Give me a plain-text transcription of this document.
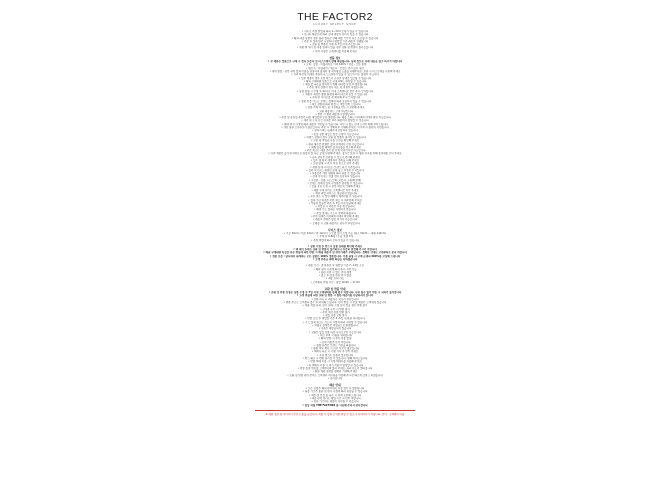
THE FACTOR2
LUXURY SELECT SHOP
• 사이즈 측정 방법에 따라 1~3cm 오차가 있을 수 있습니다
• 모니터 해상도에 따라 실제 색상과 차이가 있을 수 있습니다
• 해외 배송 상품의 경우 통관 절차로 인해 배송 기간이 다소 소요될 수 있습니다
• 주문 후 결제 완료 시점부터 영업일 기준 배송이 진행됩니다
• 교환 및 반품은 수령 후 7일 이내 가능합니다
• 제품 택 제거 및 착용 흔적이 있을 경우 교환 및 반품이 불가능합니다
• 문의 사항은 고객센터를 이용해 주세요
상품 정보
• 본 제품은 정품으로 구매 시 정식 보증서 및 더스트백이 함께 제공됩니다. 상세 정보는 아래 내용을 참고 하시기 바랍니다
• 소재 : 겉감 - 이탈리아산 가죽 100% / 안감 - 코튼 혼방
• 원산지 : 이탈리아 / 제조사 : 브랜드 본사 공식 생산
• 세탁 방법 : 전문 세탁 업체 이용을 권장하며 물세탁 및 직사광선 노출을 피해주세요. 보관 시 더스트백을 사용해 주세요
• 가죽 특성상 미세한 주름이나 스크래치가 있을 수 있으며 이는 불량이 아닙니다
• 일부 제품의 경우 포장 박스가 손상된 상태로 입고될 수 있습니다
• 해외 구매대행 상품으로 국내 A/S는 제한될 수 있습니다
• 배송 중 파손을 방지하기 위해 에어캡 포장 후 발송됩니다
• 주문 제작 상품의 경우 취소 및 변경이 어렵습니다
• 상품 불량 시 수령 후 24시간 이내 고객센터로 연락 주시기 바랍니다
• 제품의 색상은 촬영 환경에 따라 다르게 보일 수 있습니다
• 구매 전 사이즈를 꼭 확인해 주시기 바랍니다
• 정품 인증 카드는 브랜드 정책에 따라 포함되지 않을 수 있습니다
• 재고 상황에 따라 품절 시 개별 연락 드립니다
• 상품 수령 후 박스 및 구성품을 반드시 보관해 주세요
• 교환 배송비는 고객 부담입니다
• 반품 시 왕복 배송비가 발생합니다
• 주말 및 공휴일 주문은 다음 영업일에 순차 발송됩니다. 배송 조회는 마이페이지에서 확인 가능합니다
• 제주 및 도서 산간 지역은 추가 배송비가 발생할 수 있습니다
• 해외 현지 사정에 따라 배송이 지연될 수 있습니다. 지연 시 별도 안내 드리며 양해 부탁드립니다
• 개인 통관 고유부호가 필요합니다. 주문 시 정확하게 기재해 주세요. 미기재 시 통관이 지연됩니다
• 관부가세는 판매가에 포함되어 있습니다
• 동일 상품 재입고 알림 신청이 가능합니다
• 이벤트 상품의 경우 교환 및 반품이 불가할 수 있습니다
• 쿠폰 및 적립금 사용 조건을 확인해 주세요
• 현금 영수증 발행은 결제 단계에서 신청 가능합니다
• 회원 등급별 혜택은 공지사항을 참고해 주세요
• 주문 취소는 배송 준비 중 단계 이전까지만 가능합니다
• 가죽 제품은 습기에 약하므로 통풍이 잘 되는 곳에 보관해 주세요. 장기간 보관 시 형태 유지를 위해 충전재를 넣어 주세요
• 금속 장식은 산화될 수 있으니 주의해 주세요
• 향수 및 화학 제품과의 접촉을 피해 주세요
• 오염 발생 시 즉시 마른 천으로 닦아 주세요
• 제품 상세 사이즈는 브랜드 표기 기준입니다
• 실측 사이즈는 평평한 곳에 놓고 측정한 수치입니다
• 착용감은 개인 체형에 따라 다를 수 있습니다
• 상세 이미지는 연출 컷이 포함되어 있습니다
• 구성품 : 본품, 더스트백, 보증서, 쇼핑백(선택)
• 브랜드 정책상 일부 구성품은 변경될 수 있습니다
• 선물 포장 요청 시 주문 메모에 기재해 주세요
• 대량 구매 문의는 고객센터로 연락 주세요
• 매장 픽업 서비스는 제공하지 않습니다
• 부분 취소 시 할인 혜택이 재계산될 수 있습니다
• 결제 수단 변경은 주문 취소 후 재주문해 주세요
• 무통장 입금은 주문 후 3일 이내 입금해 주세요
• 미입금 시 주문은 자동 취소됩니다
• 해외 카드 결제는 지원되지 않습니다
• 분할 결제는 카드사 정책에 따릅니다
• 주문 내역은 마이페이지에서 확인해 주세요
• 배송지 변경은 발송 전까지 가능합니다
• 오배송 시 교환 배송비는 당사가 부담합니다
사이즈 정보
• 가로 30cm / 세로 22cm / 폭 12cm / 스트랩 길이 조절 가능 (최소 50cm ~ 최대 110cm)
• 무게 약 0.8kg / 수납 포켓 3개
• 측정 방법에 따라 오차가 있을 수 있습니다
• 상품 수령 후 반드시 상품 상태를 확인해 주세요
• 택 제거 후에는 교환 및 반품이 불가하오니 신중히 결정해 주시기 바랍니다
• 해외 구매대행 특성상 단순 변심에 의한 반품 시 해외 배송비 및 관부가세가 부과됩니다. 정확한 안내는 고객센터로 문의 바랍니다
• 정품 보증 : 당사에서 판매하는 모든 상품은 100% 정품입니다. 가품 판명 시 구매 금액의 200%를 보상해 드립니다
• 고객 만족을 위해 최선을 다하겠습니다
• 배송 기간 : 결제 완료 후 영업일 기준 7~14일 소요
• 해외 현지 사정에 따라 추가 지연 가능
• 통관 지연 시 별도 안내 예정
• 출고 후 송장 번호 문자 발송
• 배송 조회 가능
• 고객센터 운영 시간 : 평일 10:00 ~ 17:00
교환 및 반품 안내
• 교환 및 반품 신청은 상품 수령 후 7일 이내 고객센터를 통해 접수 바랍니다. 사전 접수 없이 반송 시 처리가 불가합니다
• 고객 변심에 의한 교환 및 반품 시 왕복 배송비를 부담하셔야 합니다
• 상품 하자 시 배송비는 당사가 부담합니다
• 반품 주소는 고객센터 접수 후 안내해 드립니다. 임의 반송 시 분실 책임은 고객에게 있습니다
• 제품 착용 흔적, 향수 냄새, 오염 등이 있을 경우 반품 불가
• 구성품 누락 시 반품 불가
• 주문 제작 상품 반품 불가
• 세일 상품 교환 불가
• 반품 승인 후 영업일 기준 3~5일 내 환불 처리됩니다
• 카드 결제 취소는 카드사 사정에 따라 지연될 수 있습니다
• 적립금 결제분은 적립금으로 환원됩니다
• 쿠폰은 재발급되지 않습니다
• 교환은 동일 상품 다른 사이즈로만 가능합니다
• 재고 부족 시 환불 처리됩니다
• 해외 반품 시 추가 비용 발생
• 상세 비용은 문의 바랍니다
• 불량 판정은 브랜드 기준을 따릅니다
• 불량 여부 확인 시 사진 자료가 필요합니다
• 택배사 파손 시 수령 거부 후 연락 주세요
• 포장 박스는 상품의 일부입니다
• 박스 훼손 시 반품 불가할 수 있습니다. 양해 부탁드립니다
• 반품 택배 이용 시 지정 택배사를 이용해 주세요
• 타 택배사 이용 시 추가 비용이 발생할 수 있습니다
• 반송 송장 번호를 고객센터에 알려 주세요. 처리 속도가 빨라집니다
• 환불 계좌 정보를 정확히 기재해 주세요
• 교환 및 반품 관련 문의는 고객센터 게시판을 이용해 주시면 빠르게 답변 드리겠습니다
• 감사합니다
배송 안내
• 모든 상품은 해외 현지에서 직접 검수 후 발송됩니다
• 배송 기간은 통관 및 현지 사정에 따라 변동될 수 있습니다
• 배송 중 분실 및 파손 시 전액 보상해 드립니다
• 배송 관련 문의는 영업 시간 내 연락 바랍니다
• 연휴 기간에는 배송이 지연될 수 있습니다
• 항상 저희 THE FACTOR2 를 이용해 주셔서 감사합니다
※ 제품 정보 및 이미지의 무단 도용을 금합니다. 적발 시 법적 조치를 취할 수 있으니 유의하시기 바랍니다. 문의 : 고객센터 이용
